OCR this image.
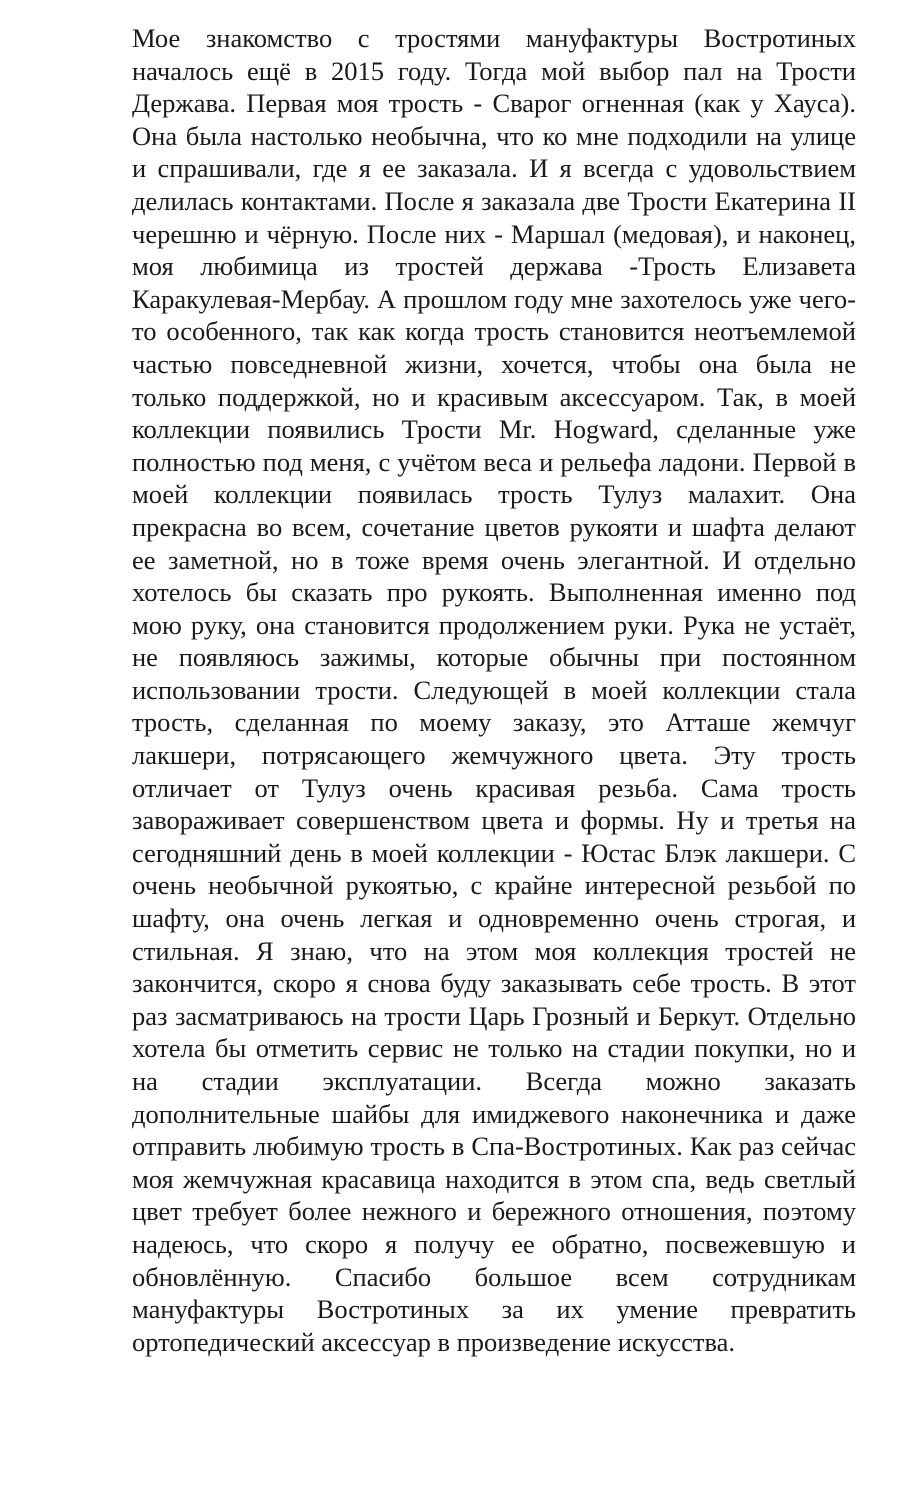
Мое знакомство с тростями мануфактуры Востротиных началось ещё в 2015 году. Тогда мой выбор пал на Трости Держава. Первая моя трость - Сварог огненная (как у Хауса). Она была настолько необычна, что ко мне подходили на улице и спрашивали, где я ее заказала. И я всегда с удовольствием делилась контактами. После я заказала две Трости Екатерина II черешню и чёрную. После них - Маршал (медовая), и наконец, моя любимица из тростей держава -Трость Елизавета Каракулевая-Мербау. А прошлом году мне захотелось уже чего-то особенного, так как когда трость становится неотъемлемой частью повседневной жизни, хочется, чтобы она была не только поддержкой, но и красивым аксессуаром. Так, в моей коллекции появились Трости Mr. Hogward, сделанные уже полностью под меня, с учётом веса и рельефа ладони. Первой в моей коллекции появилась трость Тулуз малахит. Она прекрасна во всем, сочетание цветов рукояти и шафта делают ее заметной, но в тоже время очень элегантной. И отдельно хотелось бы сказать про рукоять. Выполненная именно под мою руку, она становится продолжением руки. Рука не устаёт, не появляюсь зажимы, которые обычны при постоянном использовании трости. Следующей в моей коллекции стала трость, сделанная по моему заказу, это Атташе жемчуг лакшери, потрясающего жемчужного цвета. Эту трость отличает от Тулуз очень красивая резьба. Сама трость завораживает совершенством цвета и формы. Ну и третья на сегодняшний день в моей коллекции - Юстас Блэк лакшери. С очень необычной рукоятью, с крайне интересной резьбой по шафту, она очень легкая и одновременно очень строгая, и стильная. Я знаю, что на этом моя коллекция тростей не закончится, скоро я снова буду заказывать себе трость. В этот раз засматриваюсь на трости Царь Грозный и Беркут. Отдельно хотела бы отметить сервис не только на стадии покупки, но и на стадии эксплуатации. Всегда можно заказать дополнительные шайбы для имиджевого наконечника и даже отправить любимую трость в Спа-Востротиных. Как раз сейчас моя жемчужная красавица находится в этом спа, ведь светлый цвет требует более нежного и бережного отношения, поэтому надеюсь, что скоро я получу ее обратно, посвежевшую и обновлённую. Спасибо большое всем сотрудникам мануфактуры Востротиных за их умение превратить ортопедический аксессуар в произведение искусства.
